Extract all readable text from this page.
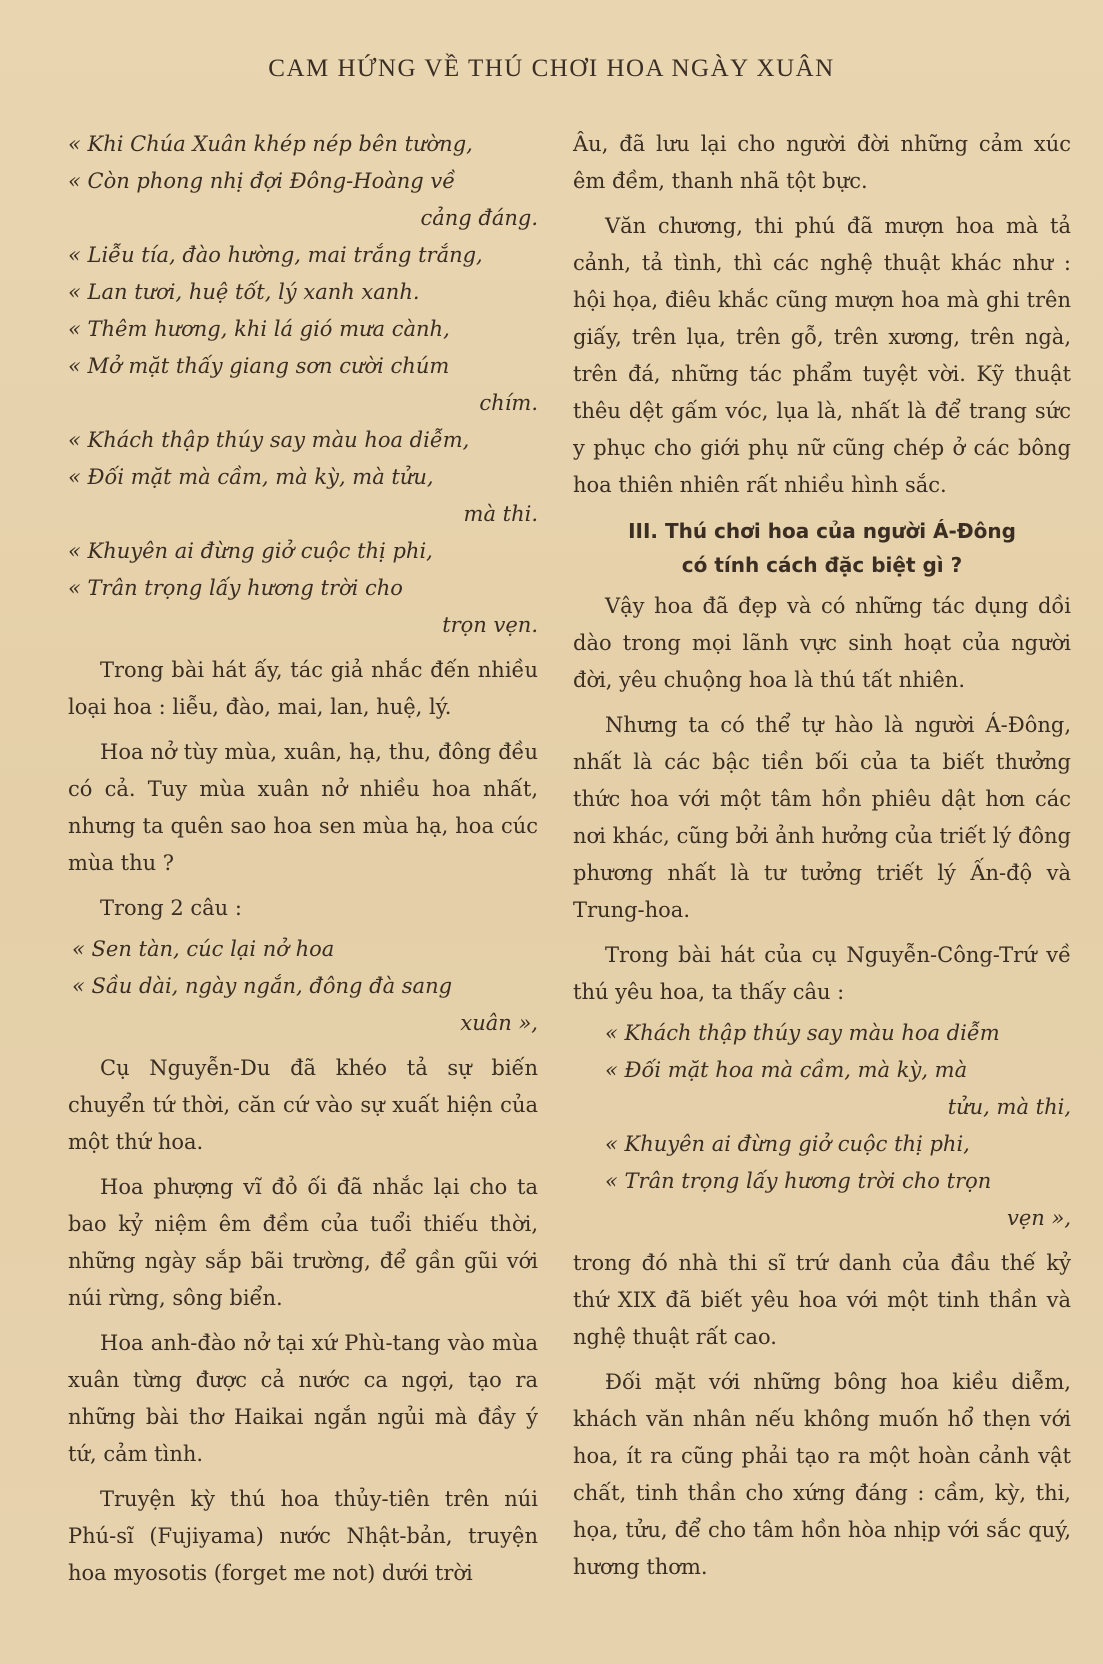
CAM HỨNG VỀ THÚ CHƠI HOA NGÀY XUÂN
« Khi Chúa Xuân khép nép bên tường,
« Còn phong nhị đợi Đông-Hoàng về
cảng đáng.
« Liễu tía, đào hường, mai trắng trắng,
« Lan tươi, huệ tốt, lý xanh xanh.
« Thêm hương, khi lá gió mưa cành,
« Mở mặt thấy giang sơn cười chúm
chím.
« Khách thập thúy say màu hoa diễm,
« Đối mặt mà cầm, mà kỳ, mà tửu,
mà thi.
« Khuyên ai đừng giở cuộc thị phi,
« Trân trọng lấy hương trời cho
trọn vẹn.

Trong bài hát ấy, tác giả nhắc đến nhiều loại hoa : liễu, đào, mai, lan, huệ, lý.

Hoa nở tùy mùa, xuân, hạ, thu, đông đều có cả. Tuy mùa xuân nở nhiều hoa nhất, nhưng ta quên sao hoa sen mùa hạ, hoa cúc mùa thu ?

Trong 2 câu :

« Sen tàn, cúc lại nở hoa
« Sầu dài, ngày ngắn, đông đà sang
xuân »,

Cụ Nguyễn-Du đã khéo tả sự biến chuyển tứ thời, căn cứ vào sự xuất hiện của một thứ hoa.

Hoa phượng vĩ đỏ ối đã nhắc lại cho ta bao kỷ niệm êm đềm của tuổi thiếu thời, những ngày sắp bãi trường, để gần gũi với núi rừng, sông biển.

Hoa anh-đào nở tại xứ Phù-tang vào mùa xuân từng được cả nước ca ngợi, tạo ra những bài thơ Haikai ngắn ngủi mà đầy ý tứ, cảm tình.

Truyện kỳ thú hoa thủy-tiên trên núi Phú-sĩ (Fujiyama) nước Nhật-bản, truyện hoa myosotis (forget me not) dưới trời

Âu, đã lưu lại cho người đời những cảm xúc êm đềm, thanh nhã tột bực.

Văn chương, thi phú đã mượn hoa mà tả cảnh, tả tình, thì các nghệ thuật khác như : hội họa, điêu khắc cũng mượn hoa mà ghi trên giấy, trên lụa, trên gỗ, trên xương, trên ngà, trên đá, những tác phẩm tuyệt vời. Kỹ thuật thêu dệt gấm vóc, lụa là, nhất là để trang sức y phục cho giới phụ nữ cũng chép ở các bông hoa thiên nhiên rất nhiều hình sắc.

III. Thú chơi hoa của người Á-Đông
có tính cách đặc biệt gì ?

Vậy hoa đã đẹp và có những tác dụng dồi dào trong mọi lãnh vực sinh hoạt của người đời, yêu chuộng hoa là thú tất nhiên.

Nhưng ta có thể tự hào là người Á-Đông, nhất là các bậc tiền bối của ta biết thưởng thức hoa với một tâm hồn phiêu dật hơn các nơi khác, cũng bởi ảnh hưởng của triết lý đông phương nhất là tư tưởng triết lý Ấn-độ và Trung-hoa.

Trong bài hát của cụ Nguyễn-Công-Trứ về thú yêu hoa, ta thấy câu :

« Khách thập thúy say màu hoa diễm
« Đối mặt hoa mà cầm, mà kỳ, mà
tửu, mà thi,
« Khuyên ai đừng giở cuộc thị phi,
« Trân trọng lấy hương trời cho trọn
vẹn »,

trong đó nhà thi sĩ trứ danh của đầu thế kỷ thứ XIX đã biết yêu hoa với một tinh thần và nghệ thuật rất cao.

Đối mặt với những bông hoa kiều diễm, khách văn nhân nếu không muốn hổ thẹn với hoa, ít ra cũng phải tạo ra một hoàn cảnh vật chất, tinh thần cho xứng đáng : cầm, kỳ, thi, họa, tửu, để cho tâm hồn hòa nhịp với sắc quý, hương thơm.
